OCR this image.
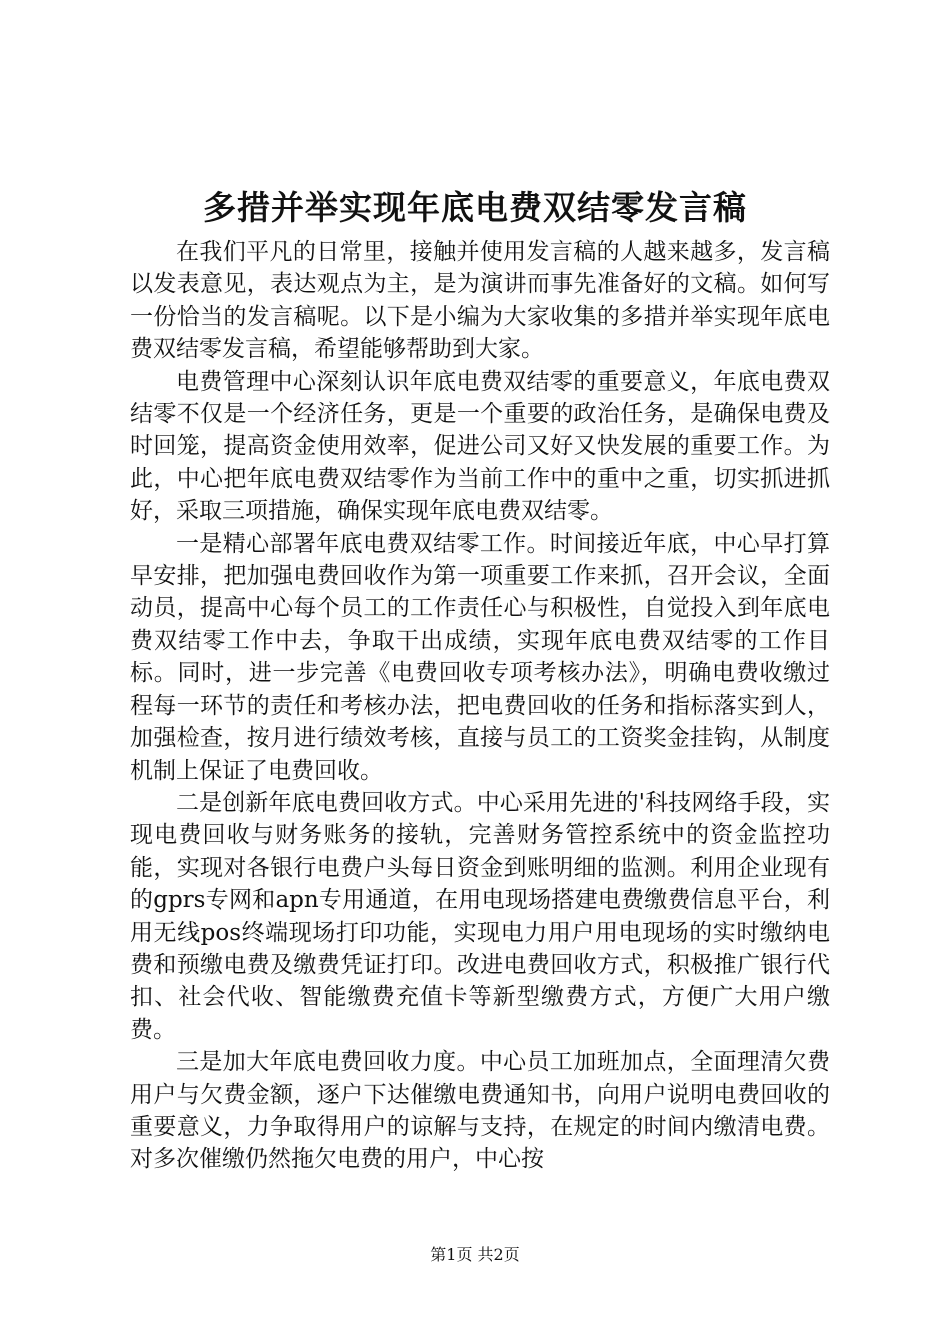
多措并举实现年底电费双结零发言稿

在我们平凡的日常里，接触并使用发言稿的人越来越多，发言稿以发表意见，表达观点为主，是为演讲而事先准备好的文稿。如何写一份恰当的发言稿呢。以下是小编为大家收集的多措并举实现年底电费双结零发言稿，希望能够帮助到大家。

电费管理中心深刻认识年底电费双结零的重要意义，年底电费双结零不仅是一个经济任务，更是一个重要的政治任务，是确保电费及时回笼，提高资金使用效率，促进公司又好又快发展的重要工作。为此，中心把年底电费双结零作为当前工作中的重中之重，切实抓进抓好，采取三项措施，确保实现年底电费双结零。

一是精心部署年底电费双结零工作。时间接近年底，中心早打算早安排，把加强电费回收作为第一项重要工作来抓，召开会议，全面动员，提高中心每个员工的工作责任心与积极性，自觉投入到年底电费双结零工作中去，争取干出成绩，实现年底电费双结零的工作目标。同时，进一步完善《电费回收专项考核办法》，明确电费收缴过程每一环节的责任和考核办法，把电费回收的任务和指标落实到人，加强检查，按月进行绩效考核，直接与员工的工资奖金挂钩，从制度机制上保证了电费回收。

二是创新年底电费回收方式。中心采用先进的'科技网络手段，实现电费回收与财务账务的接轨，完善财务管控系统中的资金监控功能，实现对各银行电费户头每日资金到账明细的监测。利用企业现有的gprs专网和apn专用通道，在用电现场搭建电费缴费信息平台，利用无线pos终端现场打印功能，实现电力用户用电现场的实时缴纳电费和预缴电费及缴费凭证打印。改进电费回收方式，积极推广银行代扣、社会代收、智能缴费充值卡等新型缴费方式，方便广大用户缴费。

三是加大年底电费回收力度。中心员工加班加点，全面理清欠费用户与欠费金额，逐户下达催缴电费通知书，向用户说明电费回收的重要意义，力争取得用户的谅解与支持，在规定的时间内缴清电费。对多次催缴仍然拖欠电费的用户，中心按

第1页 共2页
